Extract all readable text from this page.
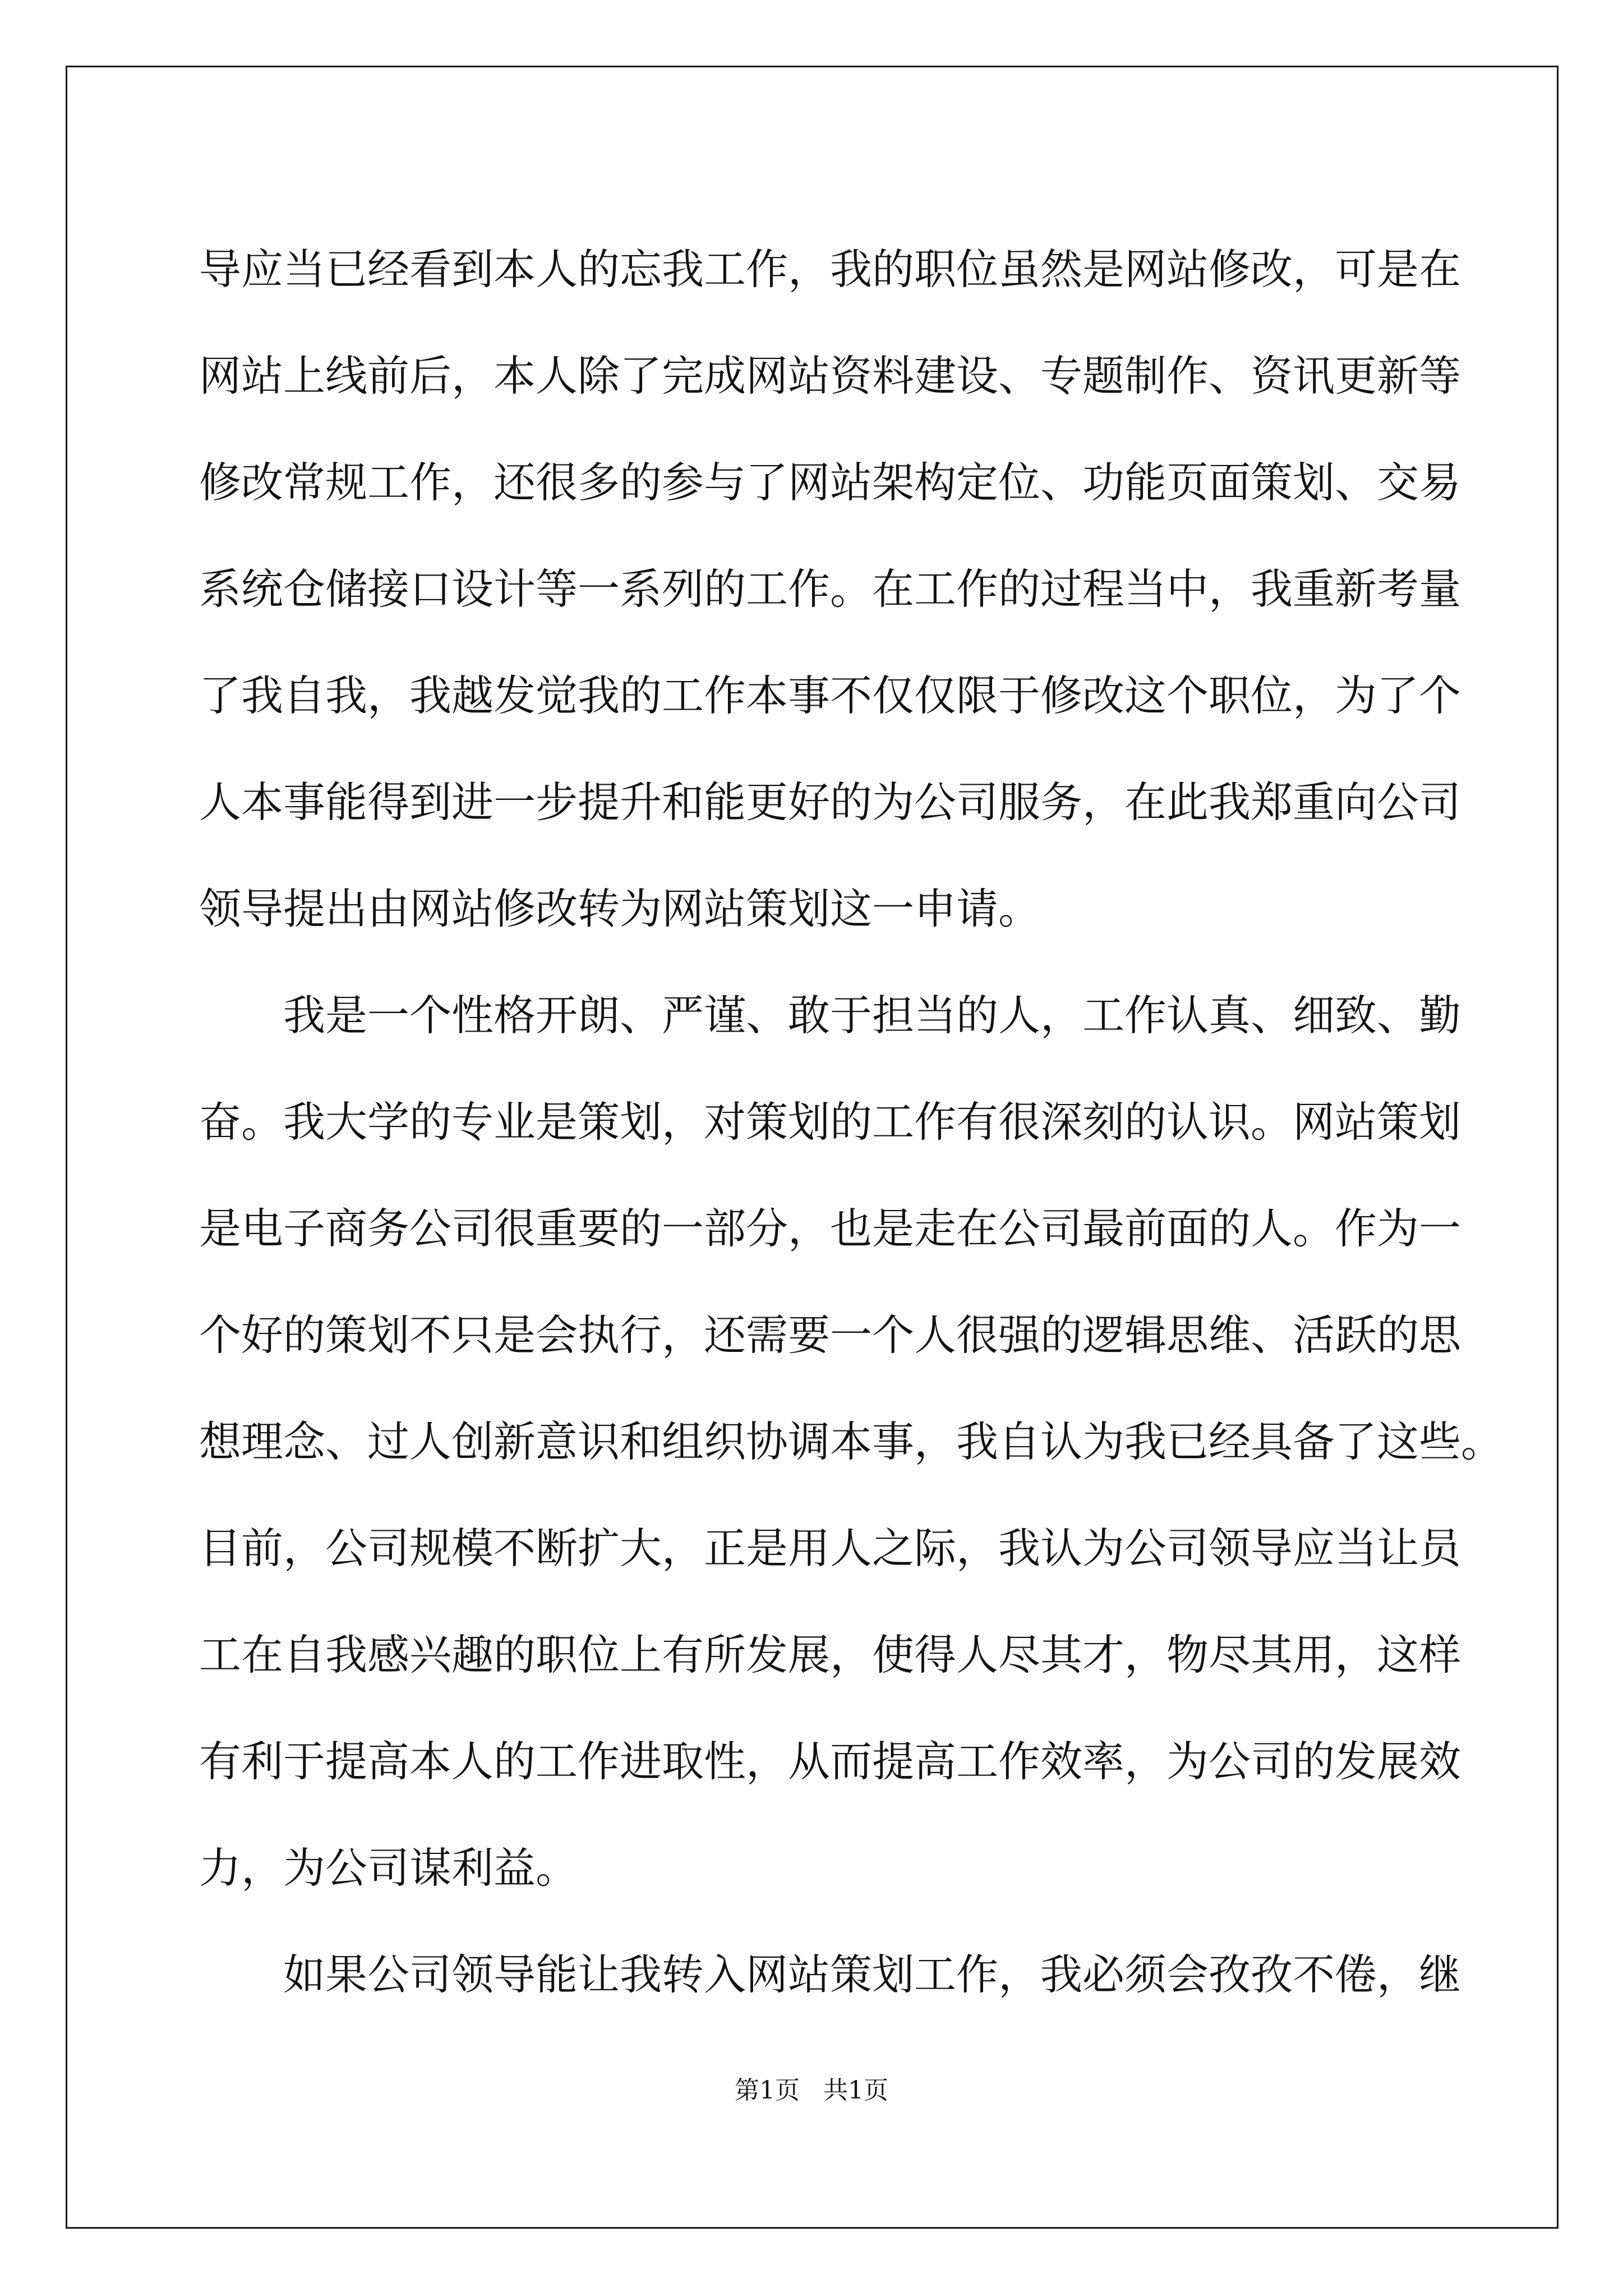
导应当已经看到本人的忘我工作，我的职位虽然是网站修改，可是在
网站上线前后，本人除了完成网站资料建设、专题制作、资讯更新等
修改常规工作，还很多的参与了网站架构定位、功能页面策划、交易
系统仓储接口设计等一系列的工作。在工作的过程当中，我重新考量
了我自我，我越发觉我的工作本事不仅仅限于修改这个职位，为了个
人本事能得到进一步提升和能更好的为公司服务，在此我郑重向公司
领导提出由网站修改转为网站策划这一申请。
我是一个性格开朗、严谨、敢于担当的人，工作认真、细致、勤
奋。我大学的专业是策划，对策划的工作有很深刻的认识。网站策划
是电子商务公司很重要的一部分，也是走在公司最前面的人。作为一
个好的策划不只是会执行，还需要一个人很强的逻辑思维、活跃的思
想理念、过人创新意识和组织协调本事，我自认为我已经具备了这些。
目前，公司规模不断扩大，正是用人之际，我认为公司领导应当让员
工在自我感兴趣的职位上有所发展，使得人尽其才，物尽其用，这样
有利于提高本人的工作进取性，从而提高工作效率，为公司的发展效
力，为公司谋利益。
如果公司领导能让我转入网站策划工作，我必须会孜孜不倦，继
第1页 共1页
